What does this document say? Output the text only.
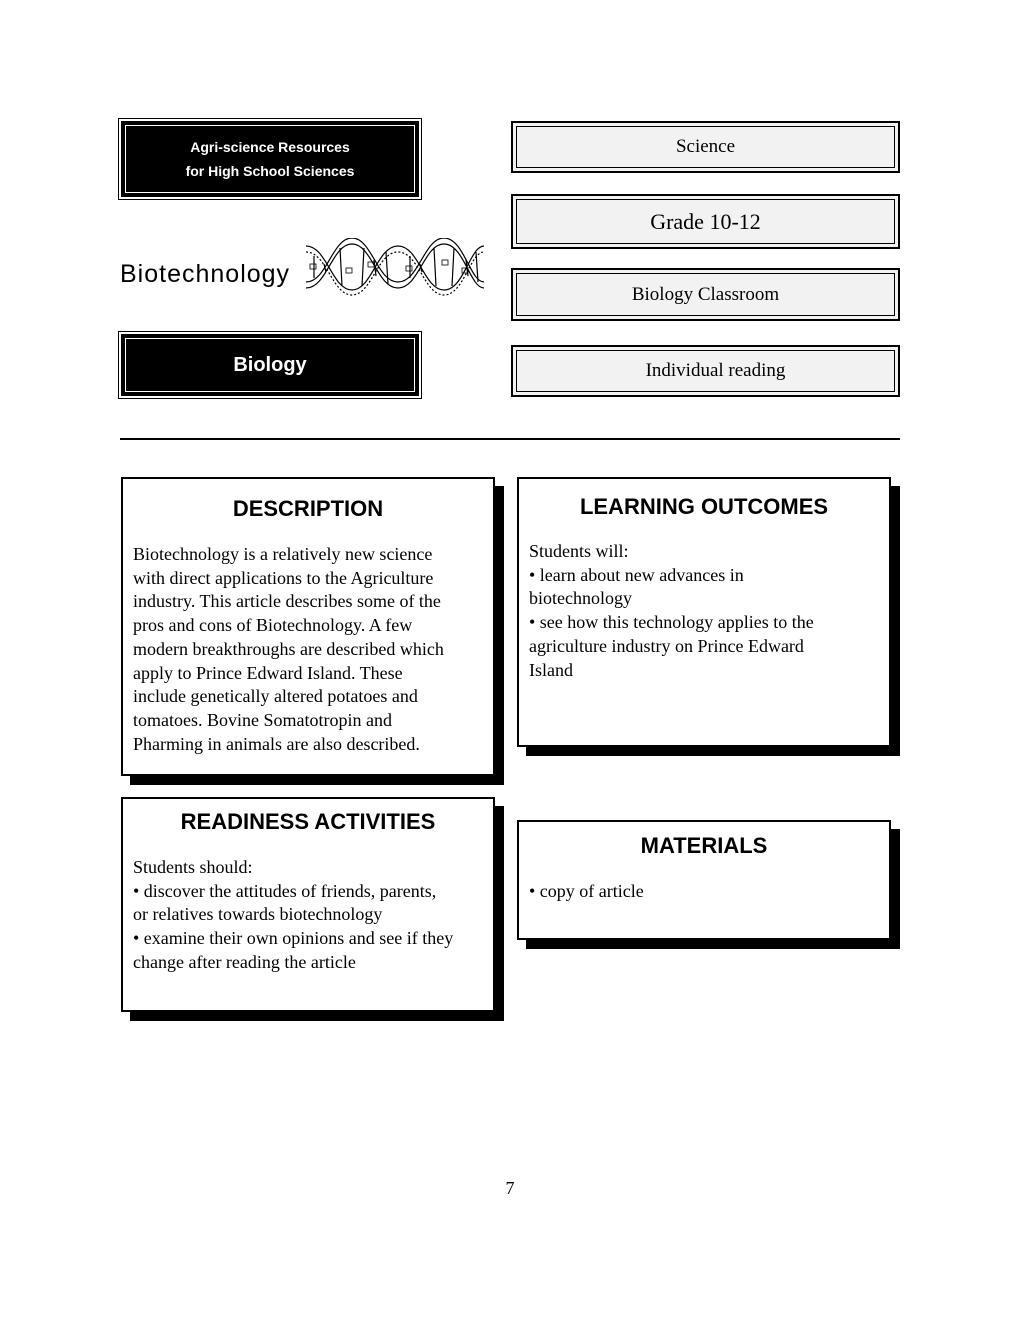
Agri-science Resources
for High School Sciences
Biotechnology
Biology
Science
Grade 10-12
Biology Classroom
Individual reading
DESCRIPTION
Biotechnology is a relatively new science
with direct applications to the Agriculture
industry. This article describes some of the
pros and cons of Biotechnology. A few
modern breakthroughs are described which
apply to Prince Edward Island. These
include genetically altered potatoes and
tomatoes. Bovine Somatotropin and
Pharming in animals are also described.
LEARNING OUTCOMES
Students will:
• learn about new advances in
biotechnology
• see how this technology applies to the
agriculture industry on Prince Edward
Island
READINESS ACTIVITIES
Students should:
• discover the attitudes of friends, parents,
or relatives towards biotechnology
• examine their own opinions and see if they
change after reading the article
MATERIALS
• copy of article
7
